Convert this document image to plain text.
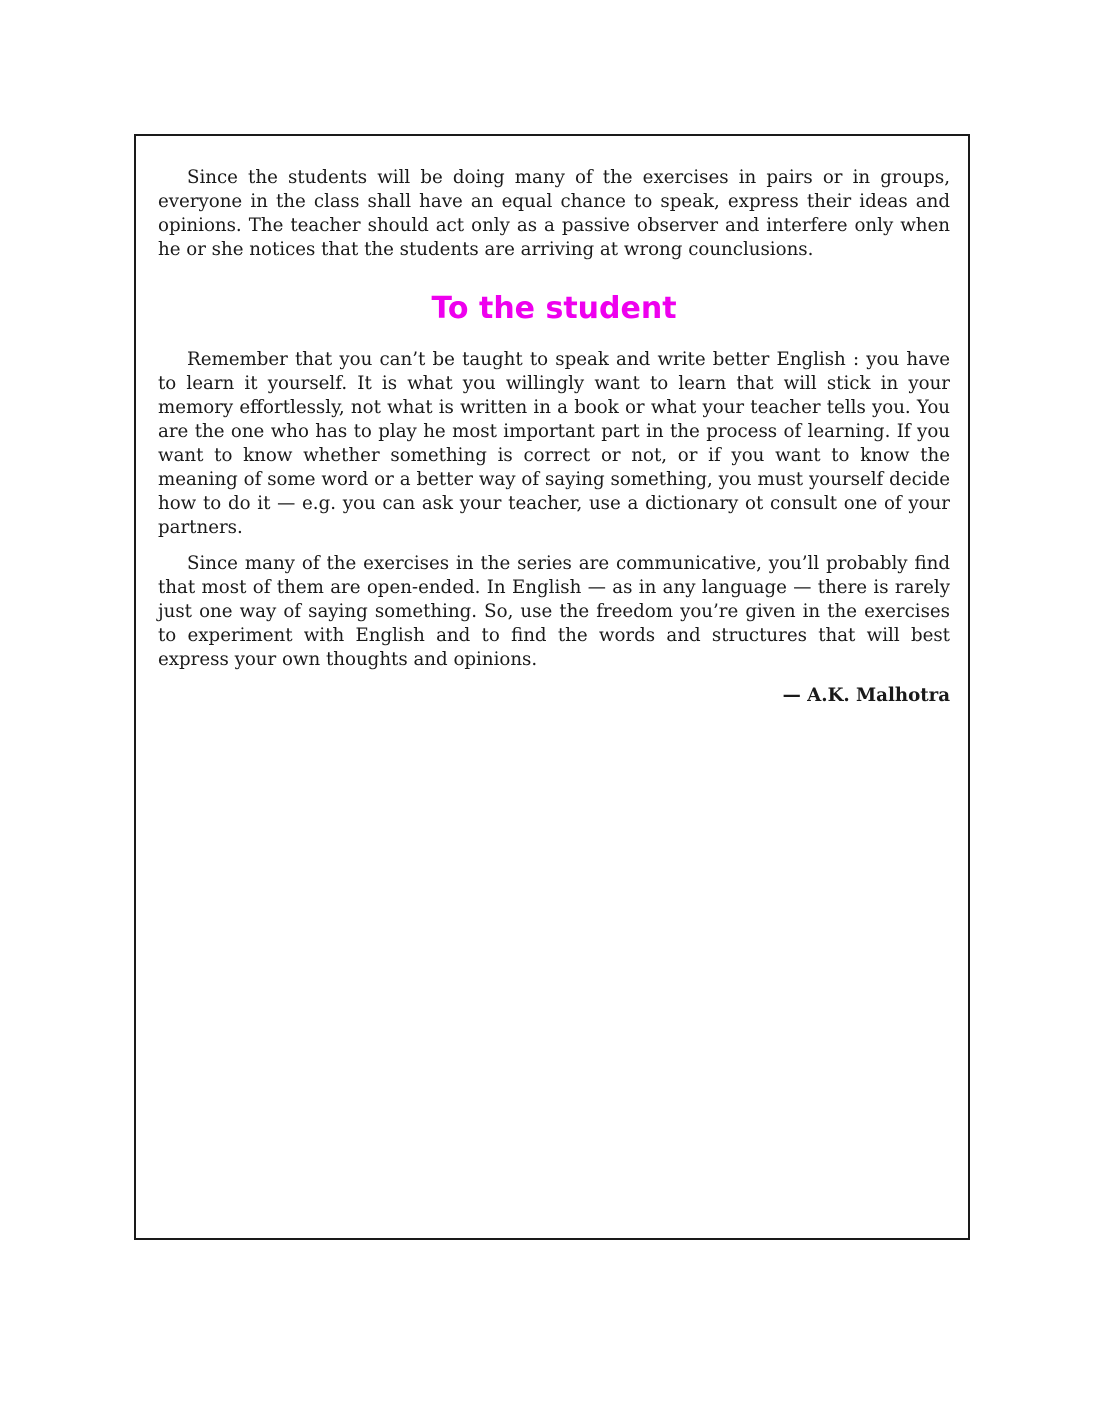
Since the students will be doing many of the exercises in pairs or in groups, everyone in the class shall have an equal chance to speak, express their ideas and opinions. The teacher should act only as a passive observer and interfere only when he or she notices that the students are arriving at wrong counclusions.

To the student

Remember that you can’t be taught to speak and write better English : you have to learn it yourself. It is what you willingly want to learn that will stick in your memory effortlessly, not what is written in a book or what your teacher tells you. You are the one who has to play he most important part in the process of learning. If you want to know whether something is correct or not, or if you want to know the meaning of some word or a better way of saying something, you must yourself decide how to do it — e.g. you can ask your teacher, use a dictionary ot consult one of your partners.

Since many of the exercises in the series are communicative, you’ll probably find that most of them are open-ended. In English — as in any language — there is rarely just one way of saying something. So, use the freedom you’re given in the exercises to experiment with English and to find the words and structures that will best express your own thoughts and opinions.

— A.K. Malhotra
